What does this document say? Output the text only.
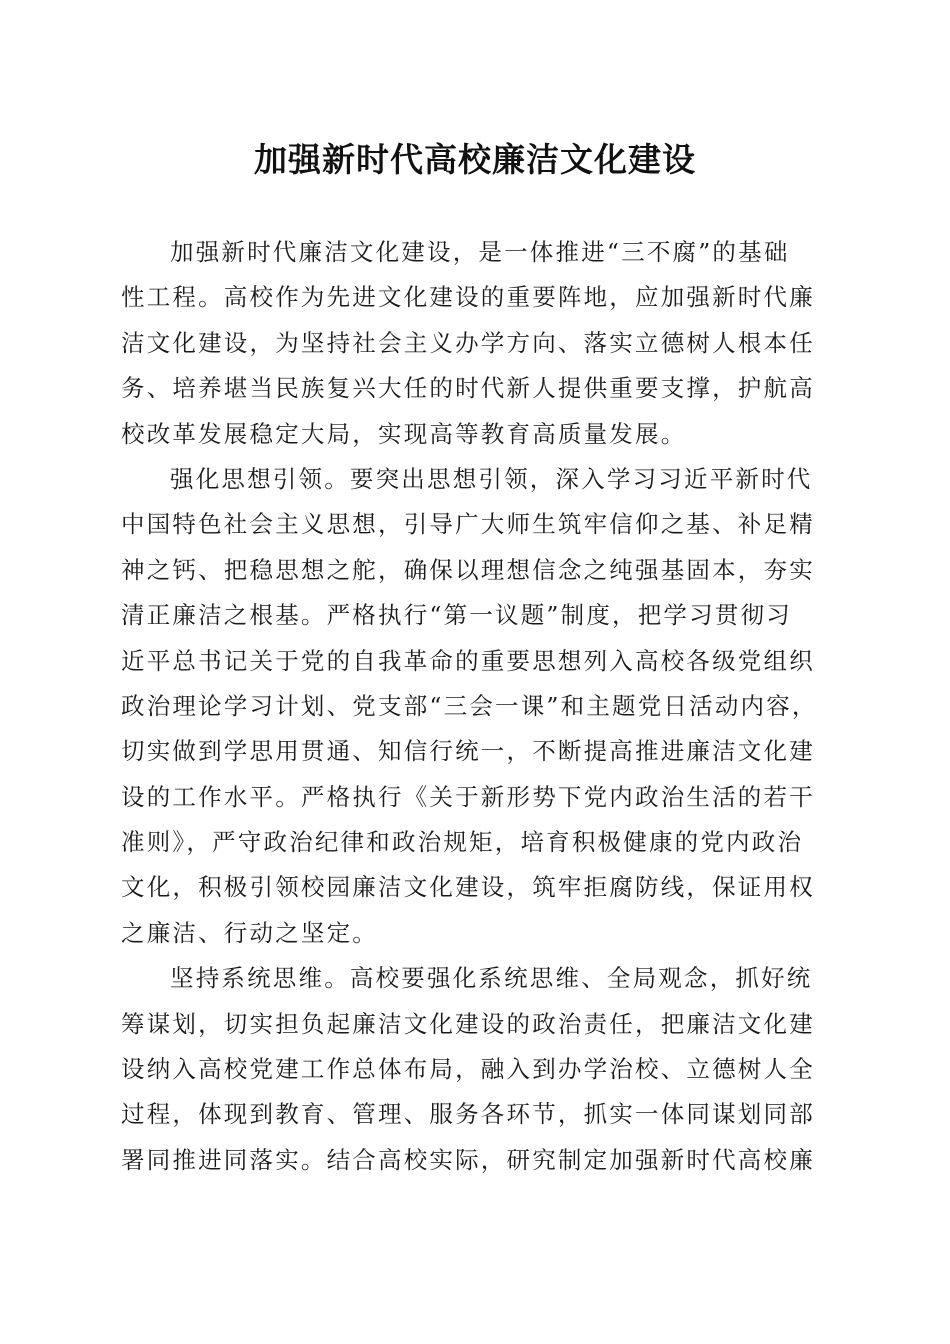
加强新时代高校廉洁文化建设
加强新时代廉洁文化建设，是一体推进“三不腐”的基础
性工程。高校作为先进文化建设的重要阵地，应加强新时代廉
洁文化建设，为坚持社会主义办学方向、落实立德树人根本任
务、培养堪当民族复兴大任的时代新人提供重要支撑，护航高
校改革发展稳定大局，实现高等教育高质量发展。
强化思想引领。要突出思想引领，深入学习习近平新时代
中国特色社会主义思想，引导广大师生筑牢信仰之基、补足精
神之钙、把稳思想之舵，确保以理想信念之纯强基固本，夯实
清正廉洁之根基。严格执行“第一议题”制度，把学习贯彻习
近平总书记关于党的自我革命的重要思想列入高校各级党组织
政治理论学习计划、党支部“三会一课”和主题党日活动内容，
切实做到学思用贯通、知信行统一，不断提高推进廉洁文化建
设的工作水平。严格执行《关于新形势下党内政治生活的若干
准则》，严守政治纪律和政治规矩，培育积极健康的党内政治
文化，积极引领校园廉洁文化建设，筑牢拒腐防线，保证用权
之廉洁、行动之坚定。
坚持系统思维。高校要强化系统思维、全局观念，抓好统
筹谋划，切实担负起廉洁文化建设的政治责任，把廉洁文化建
设纳入高校党建工作总体布局，融入到办学治校、立德树人全
过程，体现到教育、管理、服务各环节，抓实一体同谋划同部
署同推进同落实。结合高校实际，研究制定加强新时代高校廉
